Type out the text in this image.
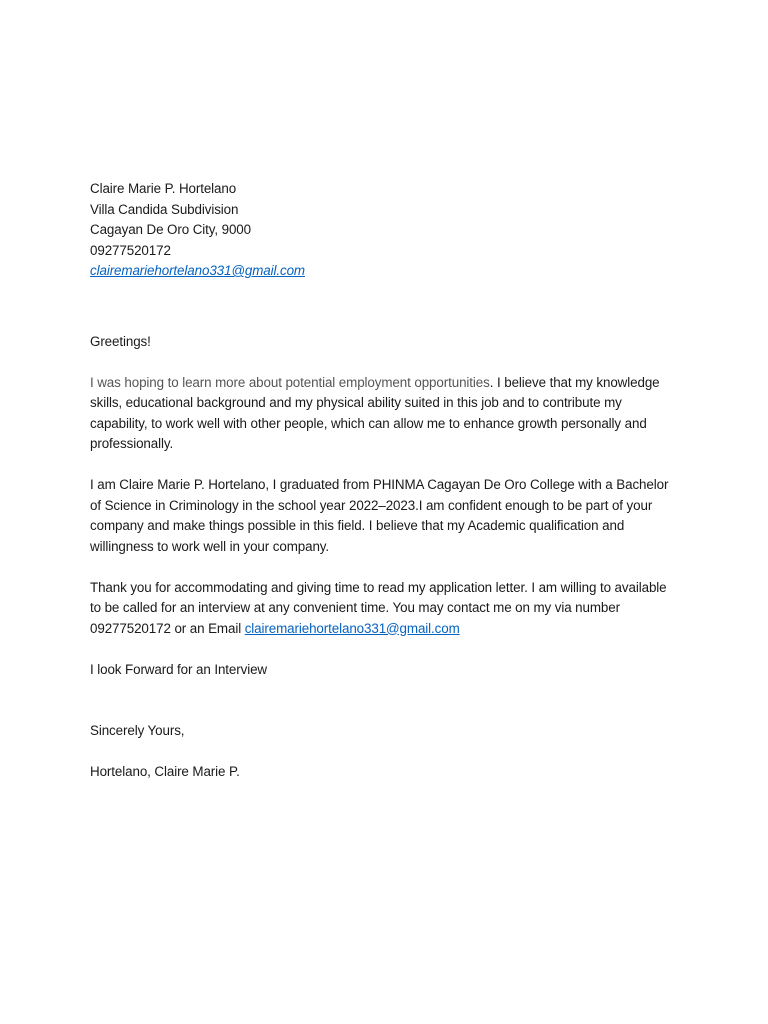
Claire Marie P. Hortelano
Villa Candida Subdivision
Cagayan De Oro City, 9000
09277520172
clairemariehortelano331@gmail.com

Greetings!

I was hoping to learn more about potential employment opportunities. I believe that my knowledge skills, educational background and my physical ability suited in this job and to contribute my capability, to work well with other people, which can allow me to enhance growth personally and professionally.

I am Claire Marie P. Hortelano, I graduated from PHINMA Cagayan De Oro College with a Bachelor of Science in Criminology in the school year 2022–2023.I am confident enough to be part of your company and make things possible in this field. I believe that my Academic qualification and willingness to work well in your company.

Thank you for accommodating and giving time to read my application letter. I am willing to available to be called for an interview at any convenient time. You may contact me on my via number 09277520172 or an Email clairemariehortelano331@gmail.com

I look Forward for an Interview

Sincerely Yours,

Hortelano, Claire Marie P.
